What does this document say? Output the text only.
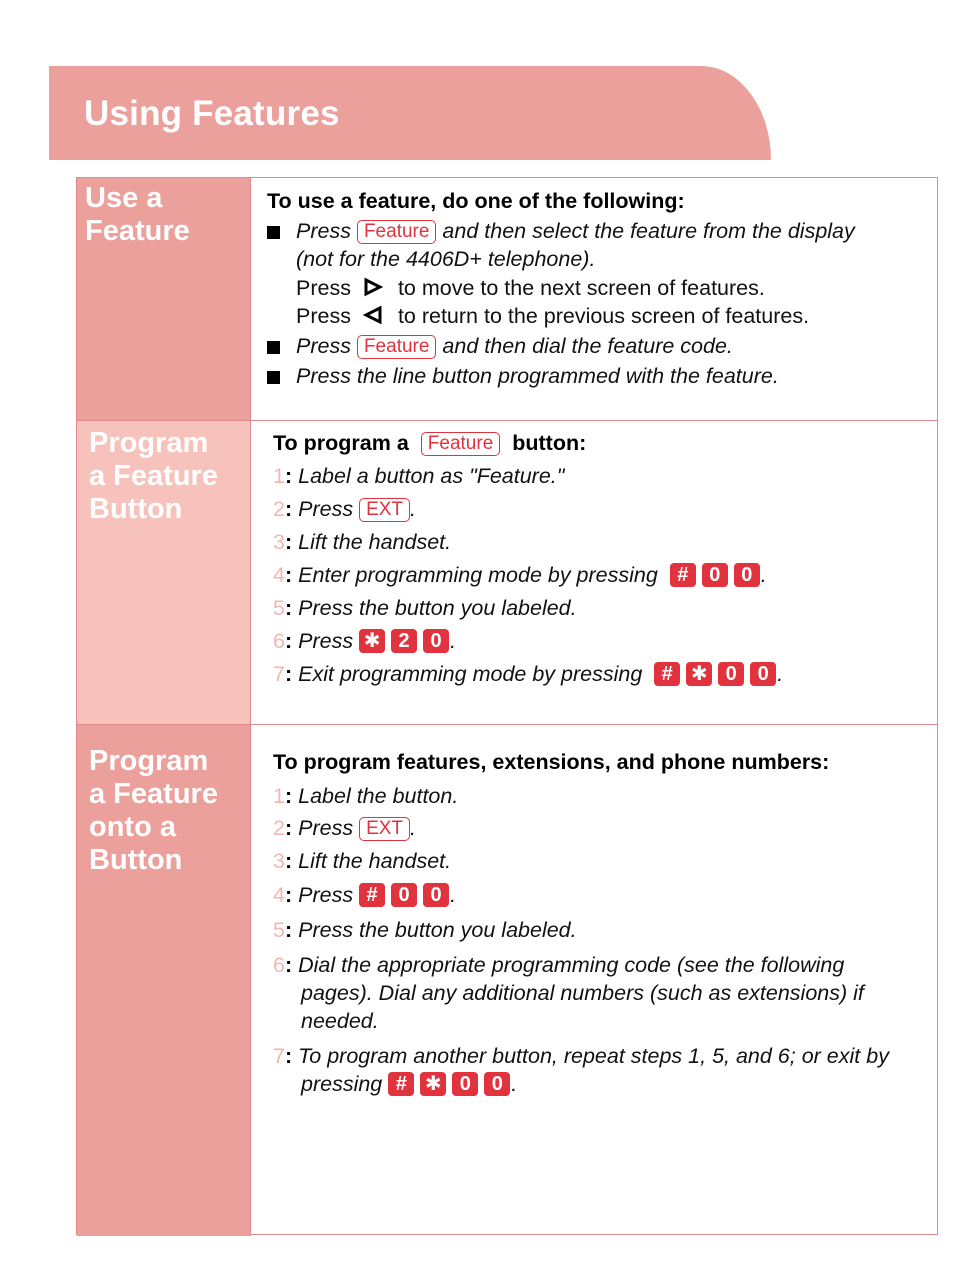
Using Features
Use a
Feature
To use a feature, do one of the following:
Press Feature and then select the feature from the display
(not for the 4406D+ telephone).
Press to move to the next screen of features.
Press to return to the previous screen of features.
Press Feature and then dial the feature code.
Press the line button programmed with the feature.
Program
a Feature
Button
To program a Feature button:
1: Label a button as "Feature."
2: Press EXT .
3: Lift the handset.
4: Enter programming mode by pressing # 0 0 .
5: Press the button you labeled.
6: Press ✱ 2 0 .
7: Exit programming mode by pressing # ✱ 0 0 .
Program
a Feature
onto a
Button
To program features, extensions, and phone numbers:
1: Label the button.
2: Press EXT .
3: Lift the handset.
4: Press # 0 0 .
5: Press the button you labeled.
6: Dial the appropriate programming code (see the following
pages). Dial any additional numbers (such as extensions) if
needed.
7: To program another button, repeat steps 1, 5, and 6; or exit by
pressing # ✱ 0 0 .
